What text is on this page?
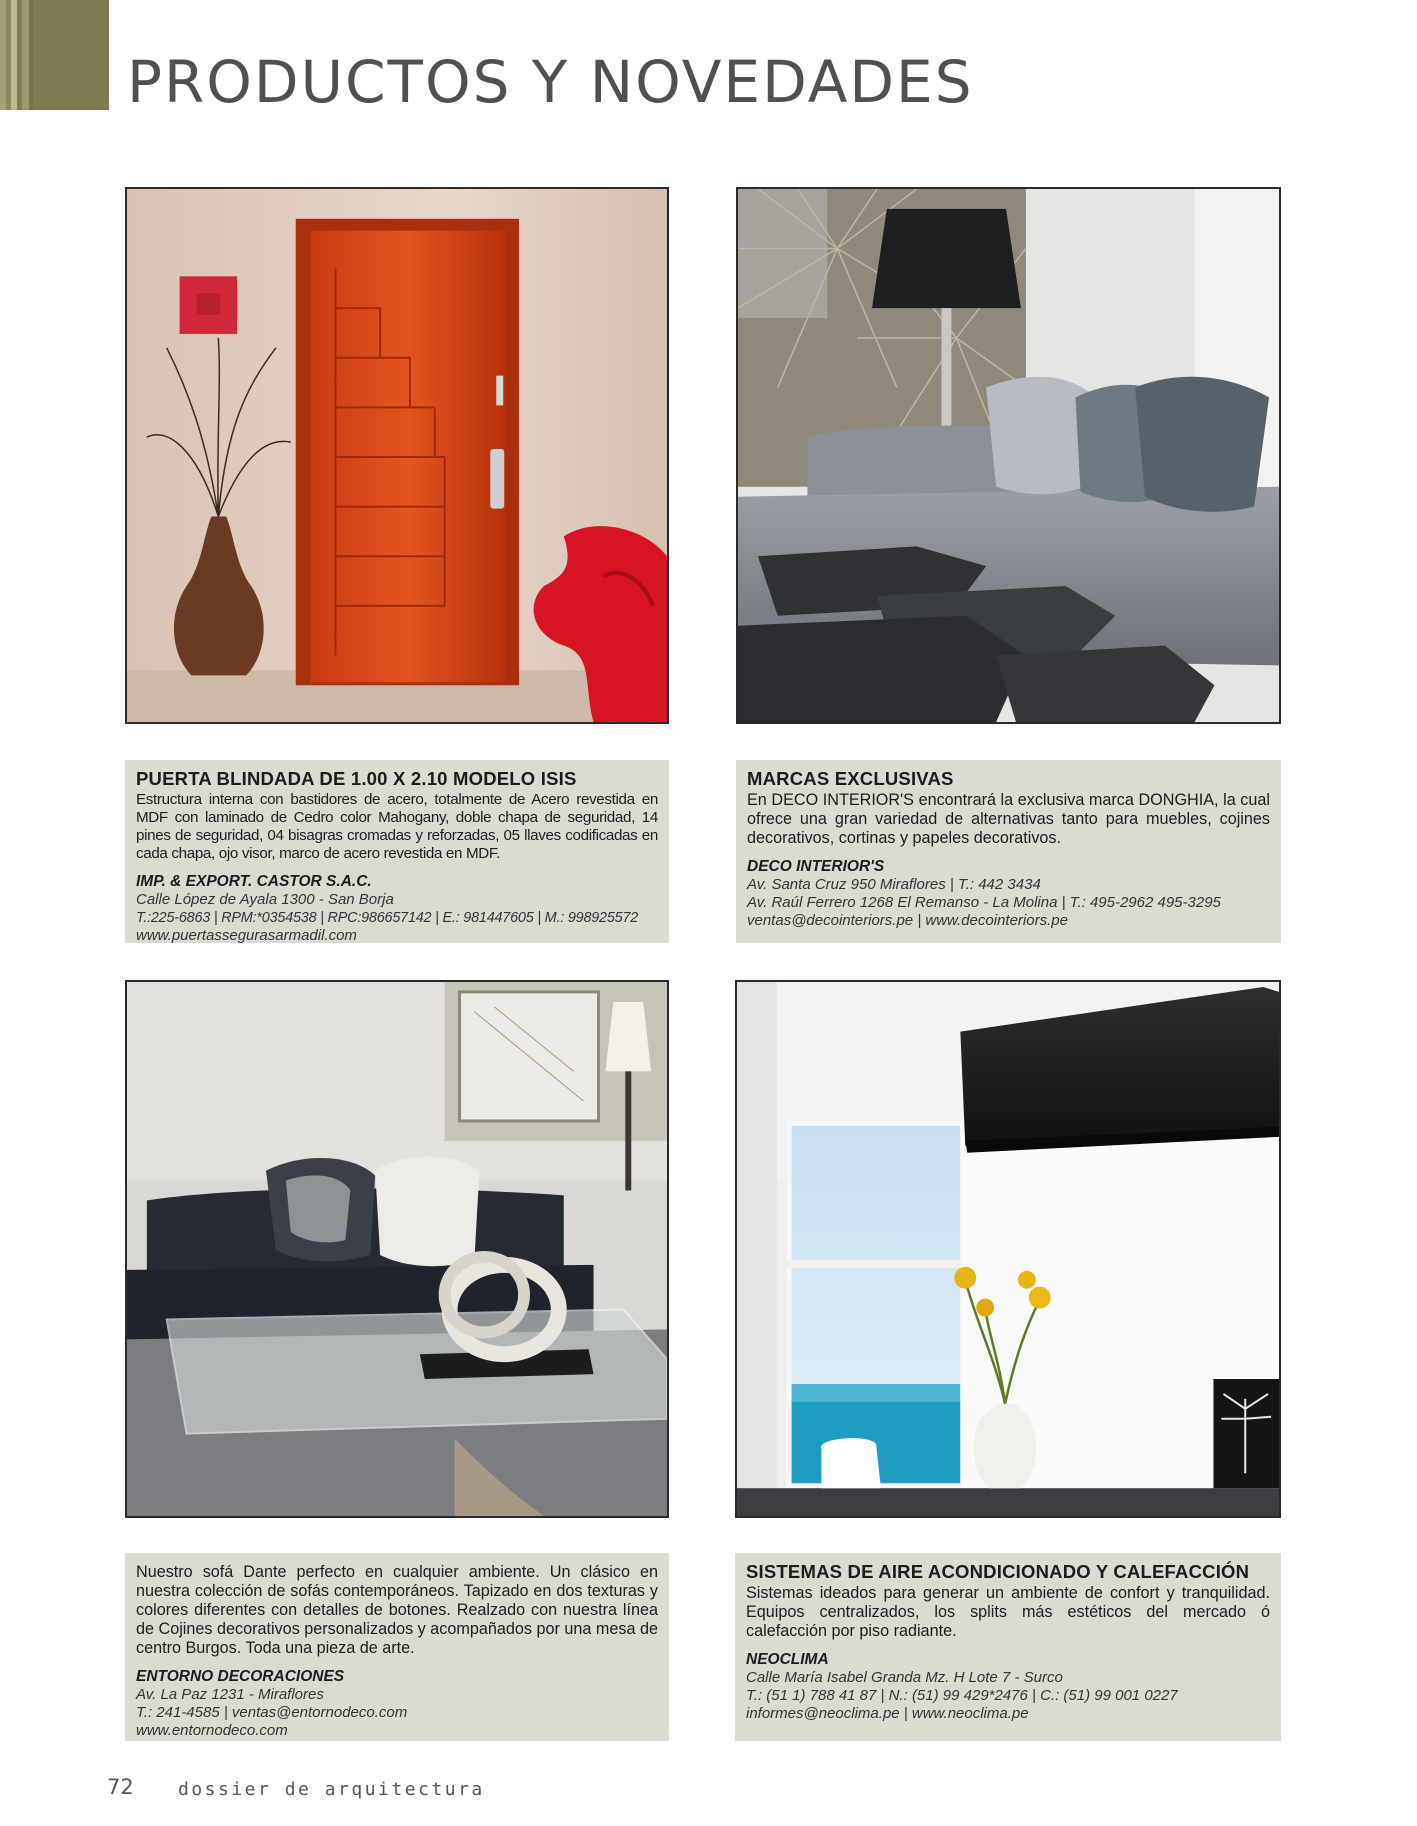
PRODUCTOS Y NOVEDADES
PUERTA BLINDADA DE 1.00 X 2.10 MODELO ISIS

Estructura interna con bastidores de acero, totalmente de Acero revestida en MDF con laminado de Cedro color Mahogany, doble chapa de seguridad, 14 pines de seguridad, 04 bisagras cromadas y reforzadas, 05 llaves codificadas en cada chapa, ojo visor, marco de acero revestida en MDF.

IMP. & EXPORT. CASTOR S.A.C.
Calle López de Ayala 1300 - San Borja
T.:225-6863 | RPM:*0354538 | RPC:986657142 | E.: 981447605 | M.: 998925572
www.puertassegurasarmadil.com
MARCAS EXCLUSIVAS

En DECO INTERIOR'S encontrará la exclusiva marca DONGHIA, la cual ofrece una gran variedad de alternativas tanto para muebles, cojines decorativos, cortinas y papeles decorativos.

DECO INTERIOR'S
Av. Santa Cruz 950 Miraflores | T.: 442 3434
Av. Raúl Ferrero 1268 El Remanso - La Molina | T.: 495-2962 495-3295
ventas@decointeriors.pe | www.decointeriors.pe

Nuestro sofá Dante perfecto en cualquier ambiente. Un clásico en nuestra colección de sofás contemporáneos. Tapizado en dos texturas y colores diferentes con detalles de botones. Realzado con nuestra línea de Cojines decorativos personalizados y acompañados por una mesa de centro Burgos. Toda una pieza de arte.

ENTORNO DECORACIONES
Av. La Paz 1231 - Miraflores
T.: 241-4585 | ventas@entornodeco.com
www.entornodeco.com
SISTEMAS DE AIRE ACONDICIONADO Y CALEFACCIÓN

Sistemas ideados para generar un ambiente de confort y tranquilidad. Equipos centralizados, los splits más estéticos del mercado ó calefacción por piso radiante.

NEOCLIMA
Calle María Isabel Granda Mz. H Lote 7 - Surco
T.: (51 1) 788 41 87 | N.: (51) 99 429*2476 | C.: (51) 99 001 0227
informes@neoclima.pe | www.neoclima.pe
72 dossier de arquitectura
